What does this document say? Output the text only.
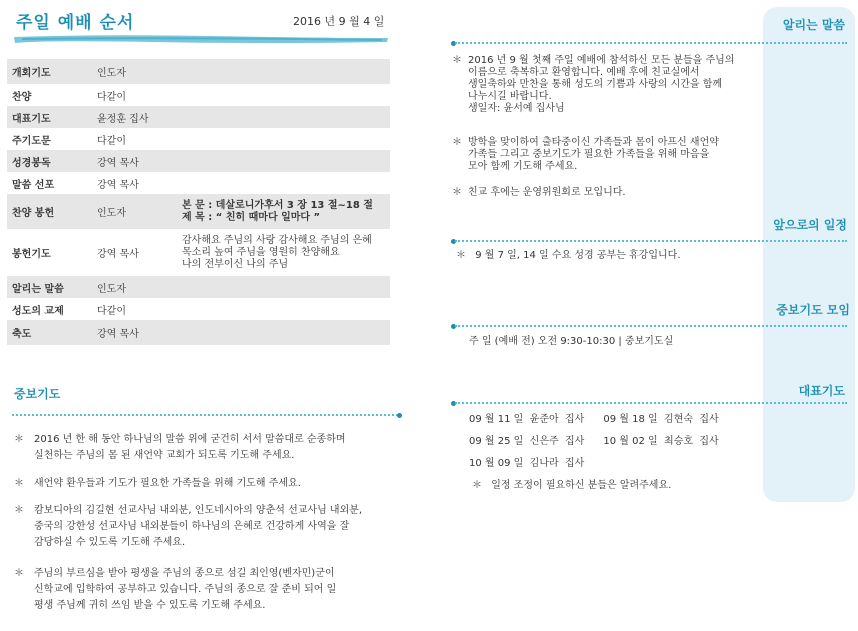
주일 예배 순서	2016 년 9 월 4 일
개회기도	인도자	
찬양	다같이	
대표기도	윤정훈 집사	
주기도문	다같이	
성경봉독	강역 목사	
말씀 선포	강역 목사	
찬양 봉헌	인도자	본 문 : 데살로니가후서 3 장 13 절~18 절
제 목 : “ 친히 때마다 일마다 ”

봉헌기도	강역 목사	감사해요 주님의 사랑 감사해요 주님의 은혜
목소리 높여 주님을 영원히 찬양해요
나의 전부이신 나의 주님

알리는 말씀	인도자	
성도의 교제	다같이	
축도	강역 목사	
중보기도
＊ 2016 년 한 해 동안 하나님의 말씀 위에 굳건히 서서 말씀대로 순종하며
실천하는 주님의 몸 된 새언약 교회가 되도록 기도해 주세요.
＊ 새언약 환우들과 기도가 필요한 가족들을 위해 기도해 주세요.
＊ 캄보디아의 김길현 선교사님 내외분, 인도네시아의 양춘석 선교사님 내외분,
중국의 강한성 선교사님 내외분들이 하나님의 은혜로 건강하게 사역을 잘
감당하실 수 있도록 기도해 주세요.
＊ 주님의 부르심을 받아 평생을 주님의 종으로 섬길 최인영(벤자민)군이
신학교에 입학하여 공부하고 있습니다. 주님의 종으로 잘 준비 되어 일
평생 주님께 귀히 쓰임 받을 수 있도록 기도해 주세요.
알리는 말씀
＊ 2016 년 9 월 첫째 주일 예배에 참석하신 모든 분들을 주님의
이름으로 축복하고 환영합니다. 예배 후에 친교실에서
생일축하와 만찬을 통해 성도의 기쁨과 사랑의 시간을 함께
나누시길 바랍니다.
생일자: 윤서예 집사님
＊ 방학을 맞이하여 출타중이신 가족들과 몸이 아프신 새언약
가족들 그리고 중보기도가 필요한 가족들을 위해 마음을
모아 함께 기도해 주세요.
＊ 친교 후에는 운영위원회로 모입니다.
앞으로의 일정
＊ 9 월 7 일, 14 일 수요 성경 공부는 휴강입니다.
중보기도 모임
주 일 (예배 전) 오전 9:30-10:30 | 중보기도실
대표기도
09 월 11 일  윤준아  집사      09 월 18 일  김현숙  집사
09 월 25 일  신은주  집사      10 월 02 일  최승호  집사
10 월 09 일  김나라  집사
＊ 일정 조정이 필요하신 분들은 알려주세요.
